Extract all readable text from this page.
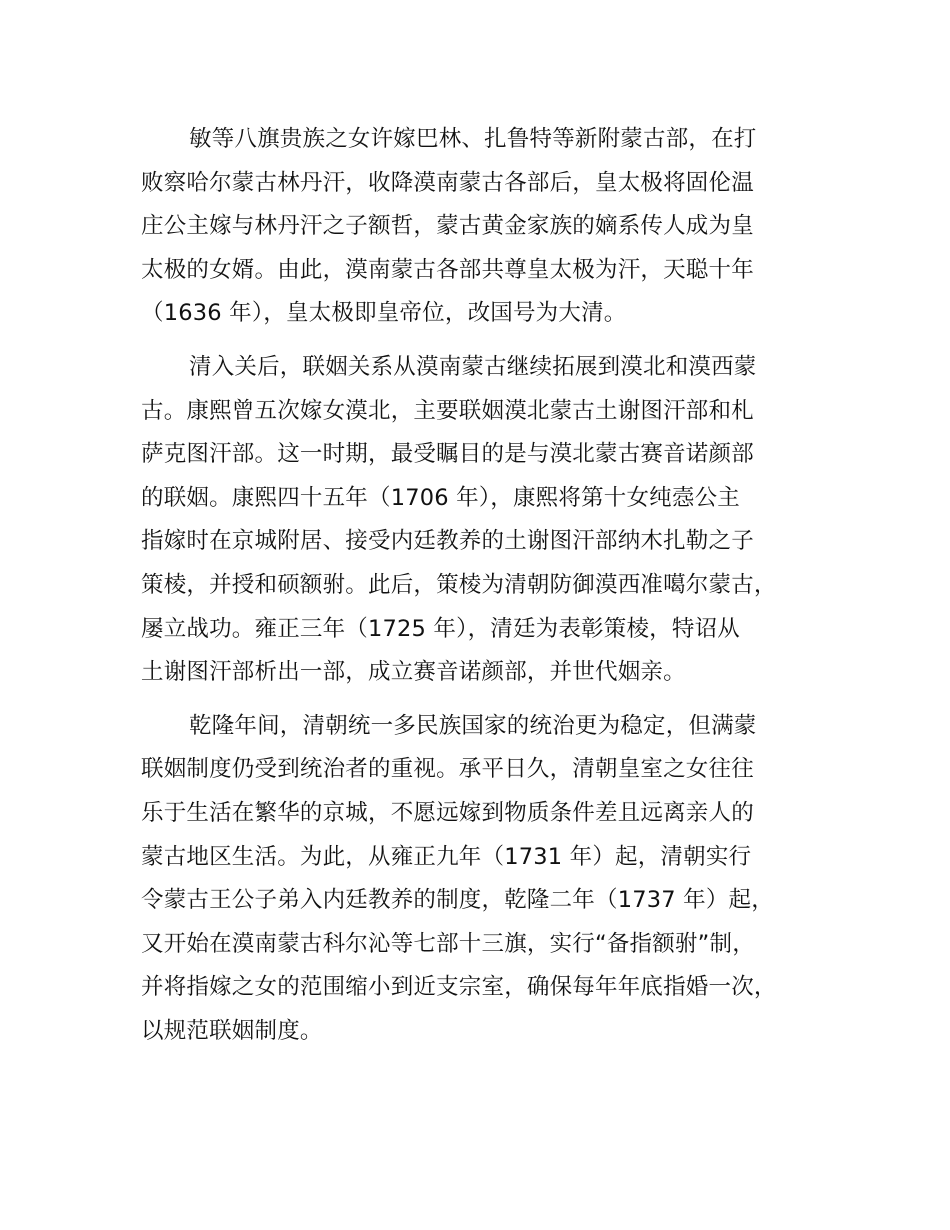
敏等八旗贵族之女许嫁巴林、扎鲁特等新附蒙古部，在打
败察哈尔蒙古林丹汗，收降漠南蒙古各部后，皇太极将固伦温
庄公主嫁与林丹汗之子额哲，蒙古黄金家族的嫡系传人成为皇
太极的女婿。由此，漠南蒙古各部共尊皇太极为汗，天聪十年
（1636 年），皇太极即皇帝位，改国号为大清。

清入关后，联姻关系从漠南蒙古继续拓展到漠北和漠西蒙
古。康熙曾五次嫁女漠北，主要联姻漠北蒙古土谢图汗部和札
萨克图汗部。这一时期，最受瞩目的是与漠北蒙古赛音诺颜部
的联姻。康熙四十五年（1706 年），康熙将第十女纯悫公主
指嫁时在京城附居、接受内廷教养的土谢图汗部纳木扎勒之子
策棱，并授和硕额驸。此后，策棱为清朝防御漠西准噶尔蒙古，
屡立战功。雍正三年（1725 年），清廷为表彰策棱，特诏从
土谢图汗部析出一部，成立赛音诺颜部，并世代姻亲。

乾隆年间，清朝统一多民族国家的统治更为稳定，但满蒙
联姻制度仍受到统治者的重视。承平日久，清朝皇室之女往往
乐于生活在繁华的京城，不愿远嫁到物质条件差且远离亲人的
蒙古地区生活。为此，从雍正九年（1731 年）起，清朝实行
令蒙古王公子弟入内廷教养的制度，乾隆二年（1737 年）起，
又开始在漠南蒙古科尔沁等七部十三旗，实行“备指额驸”制，
并将指嫁之女的范围缩小到近支宗室，确保每年年底指婚一次，
以规范联姻制度。
